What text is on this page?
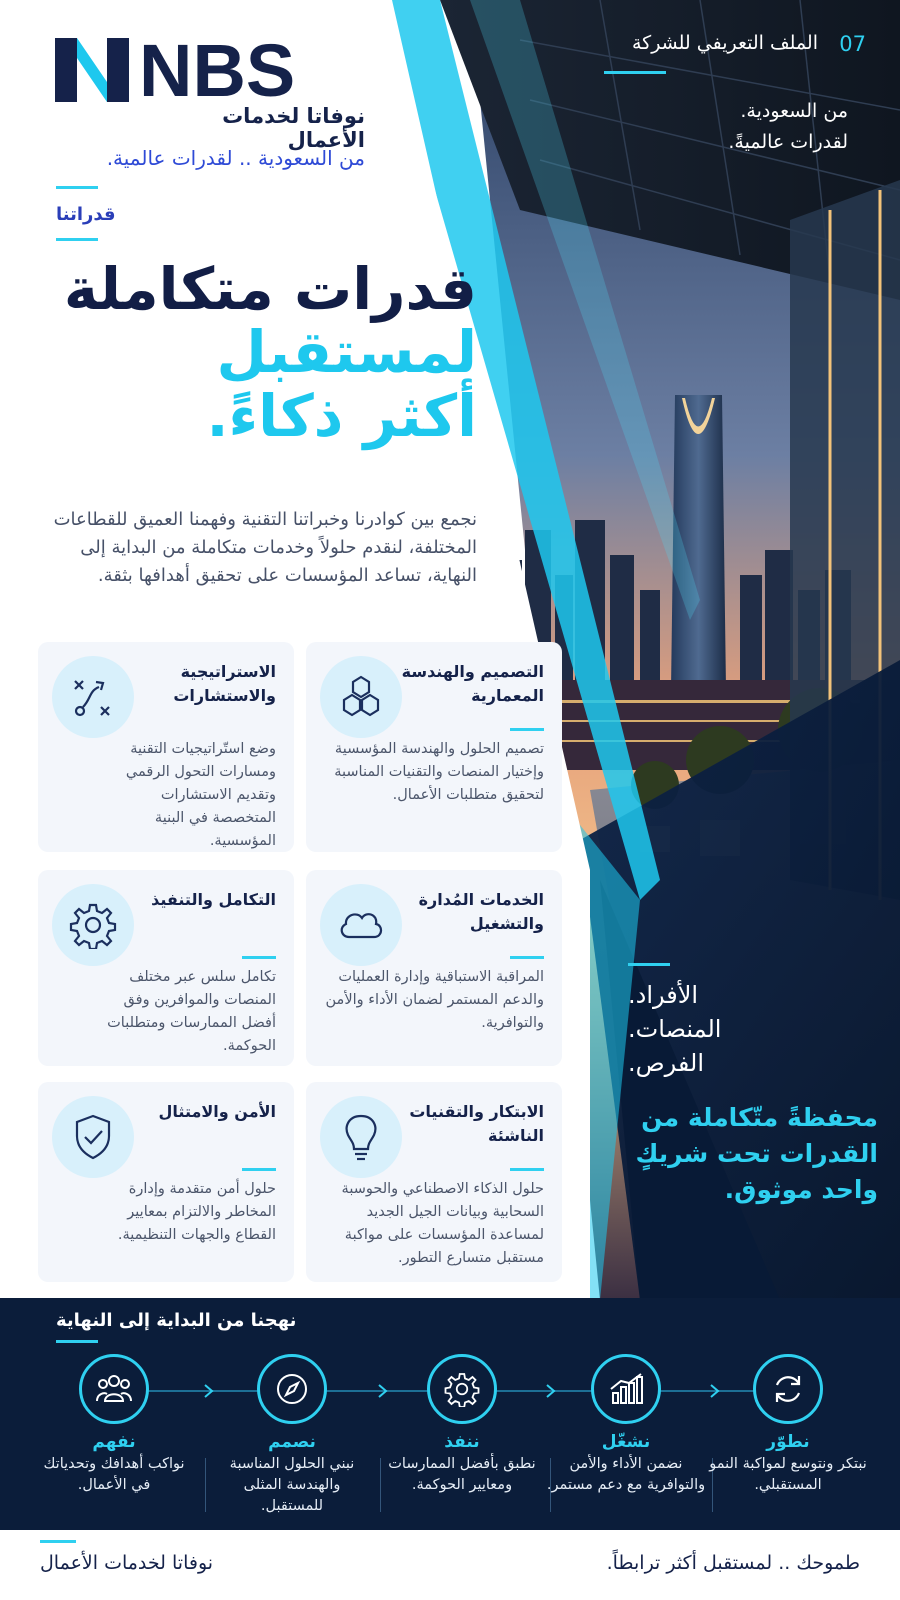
07
الملف التعريفي للشركة
من السعودية.
لقدرات عالميةً.
NBS
نوفاتا لخدمات الأعمال
من السعودية .. لقدرات عالمية.
قدراتنا
قدرات متكاملة
لمستقبل
أكثر ذكاءً.
نجمع بين كوادرنا وخبراتنا التقنية وفهمنا العميق للقطاعات المختلفة، لنقدم حلولاً وخدمات متكاملة من البداية إلى النهاية، تساعد المؤسسات على تحقيق أهدافها بثقة.
التصميم والهندسة المعمارية
تصميم الحلول والهندسة المؤسسية وإختيار المنصات والتقنيات المناسبة لتحقيق متطلبات الأعمال.
الاستراتيجية والاستشارات
وضع استّراتيجيات التقنية ومسارات التحول الرقمي وتقديم الاستشارات المتخصصة في البنية المؤسسية.
الخدمات المُدارة والتشغيل
المراقبة الاستباقية وإدارة العمليات والدعم المستمر لضمان الأداء والأمن والتوافرية.
التكامل والتنفيذ
تكامل سلس عبر مختلف المنصات والموافرين وفق أفضل الممارسات ومتطلبات الحوكمة.
الابتكار والتقنيات الناشئة
حلول الذكاء الاصطناعي والحوسبة السحابية وبيانات الجيل الجديد لمساعدة المؤسسات على مواكبة مستقبل متسارع التطور.
الأمن والامتثال
حلول أمن متقدمة وإدارة المخاطر والالتزام بمعايير القطاع والجهات التنظيمية.
الأفراد.
المنصات.
الفرص.
محفظةً متّكاملة من القدرات تحت شريكٍ واحد موثوق.
نهجنا من البداية إلى النهاية
نفهم
نواكب أهدافك وتحدياتك في الأعمال.
نصمم
نبني الحلول المناسبة والهندسة المثلى للمستقبل.
ننفذ
نطبق بأفضل الممارسات ومعايير الحوكمة.
نشغّل
نضمن الأداء والأمن والتوافرية مع دعم مستمر.
نطوّر
نبتكر ونتوسع لمواكبة النمو المستقبلي.
نوفاتا لخدمات الأعمال	طموحك .. لمستقبل أكثر ترابطاً.
